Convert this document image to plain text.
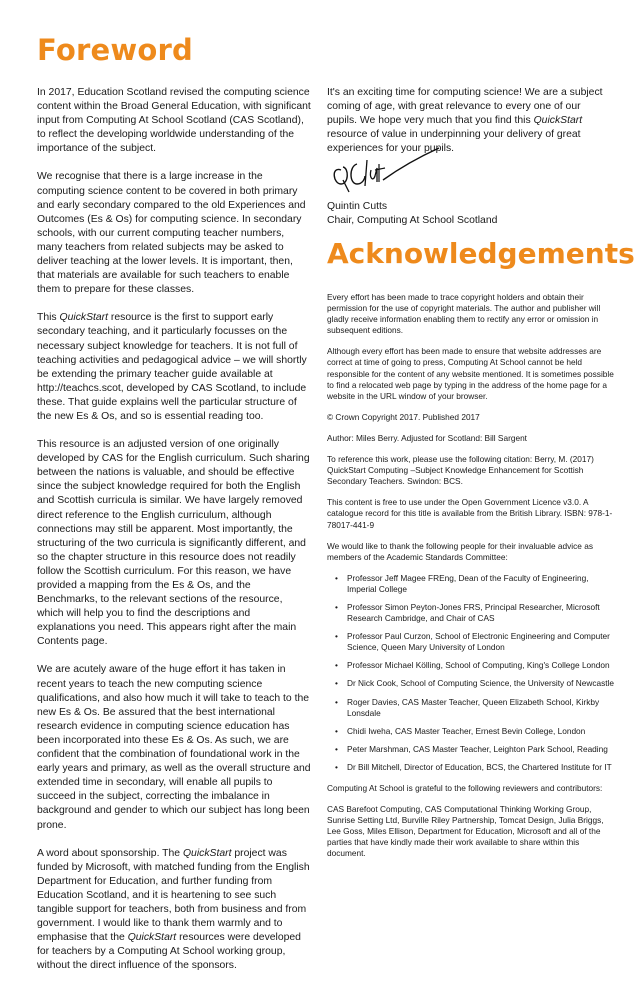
Foreword

In 2017, Education Scotland revised the computing science content within the Broad General Education, with significant input from Computing At School Scotland (CAS Scotland), to reflect the developing worldwide understanding of the importance of the subject.

We recognise that there is a large increase in the computing science content to be covered in both primary and early secondary compared to the old Experiences and Outcomes (Es & Os) for computing science. In secondary schools, with our current computing teacher numbers, many teachers from related subjects may be asked to deliver teaching at the lower levels. It is important, then, that materials are available for such teachers to enable them to prepare for these classes.

This QuickStart resource is the first to support early secondary teaching, and it particularly focusses on the necessary subject knowledge for teachers. It is not full of teaching activities and pedagogical advice – we will shortly be extending the primary teacher guide available at http://teachcs.scot, developed by CAS Scotland, to include these. That guide explains well the particular structure of the new Es & Os, and so is essential reading too.

This resource is an adjusted version of one originally developed by CAS for the English curriculum. Such sharing between the nations is valuable, and should be effective since the subject knowledge required for both the English and Scottish curricula is similar. We have largely removed direct reference to the English curriculum, although connections may still be apparent. Most importantly, the structuring of the two curricula is significantly different, and so the chapter structure in this resource does not readily follow the Scottish curriculum. For this reason, we have provided a mapping from the Es & Os, and the Benchmarks, to the relevant sections of the resource, which will help you to find the descriptions and explanations you need. This appears right after the main Contents page.

We are acutely aware of the huge effort it has taken in recent years to teach the new computing science qualifications, and also how much it will take to teach to the new Es & Os. Be assured that the best international research evidence in computing science education has been incorporated into these Es & Os. As such, we are confident that the combination of foundational work in the early years and primary, as well as the overall structure and extended time in secondary, will enable all pupils to succeed in the subject, correcting the imbalance in background and gender to which our subject has long been prone.

A word about sponsorship. The QuickStart project was funded by Microsoft, with matched funding from the English Department for Education, and further funding from Education Scotland, and it is heartening to see such tangible support for teachers, both from business and from government. I would like to thank them warmly and to emphasise that the QuickStart resources were developed for teachers by a Computing At School working group, without the direct influence of the sponsors.

It's an exciting time for computing science! We are a subject coming of age, with great relevance to every one of our pupils. We hope very much that you find this QuickStart resource of value in underpinning your delivery of great experiences for your pupils.

Quintin Cutts
Chair, Computing At School Scotland
Acknowledgements

Every effort has been made to trace copyright holders and obtain their permission for the use of copyright materials. The author and publisher will gladly receive information enabling them to rectify any error or omission in subsequent editions.

Although every effort has been made to ensure that website addresses are correct at time of going to press, Computing At School cannot be held responsible for the content of any website mentioned. It is sometimes possible to find a relocated web page by typing in the address of the home page for a website in the URL window of your browser.

© Crown Copyright 2017. Published 2017

Author: Miles Berry. Adjusted for Scotland: Bill Sargent

To reference this work, please use the following citation: Berry, M. (2017) QuickStart Computing –Subject Knowledge Enhancement for Scottish Secondary Teachers. Swindon: BCS.

This content is free to use under the Open Government Licence v3.0. A catalogue record for this title is available from the British Library. ISBN: 978-1-78017-441-9

We would like to thank the following people for their invaluable advice as members of the Academic Standards Committee:

• Professor Jeff Magee FREng, Dean of the Faculty of Engineering, Imperial College
• Professor Simon Peyton-Jones FRS, Principal Researcher, Microsoft Research Cambridge, and Chair of CAS
• Professor Paul Curzon, School of Electronic Engineering and Computer Science, Queen Mary University of London
• Professor Michael Kölling, School of Computing, King's College London
• Dr Nick Cook, School of Computing Science, the University of Newcastle
• Roger Davies, CAS Master Teacher, Queen Elizabeth School, Kirkby Lonsdale
• Chidi Iweha, CAS Master Teacher, Ernest Bevin College, London
• Peter Marshman, CAS Master Teacher, Leighton Park School, Reading
• Dr Bill Mitchell, Director of Education, BCS, the Chartered Institute for IT

Computing At School is grateful to the following reviewers and contributors:

CAS Barefoot Computing, CAS Computational Thinking Working Group, Sunrise Setting Ltd, Burville Riley Partnership, Tomcat Design, Julia Briggs, Lee Goss, Miles Ellison, Department for Education, Microsoft and all of the parties that have kindly made their work available to share within this document.
